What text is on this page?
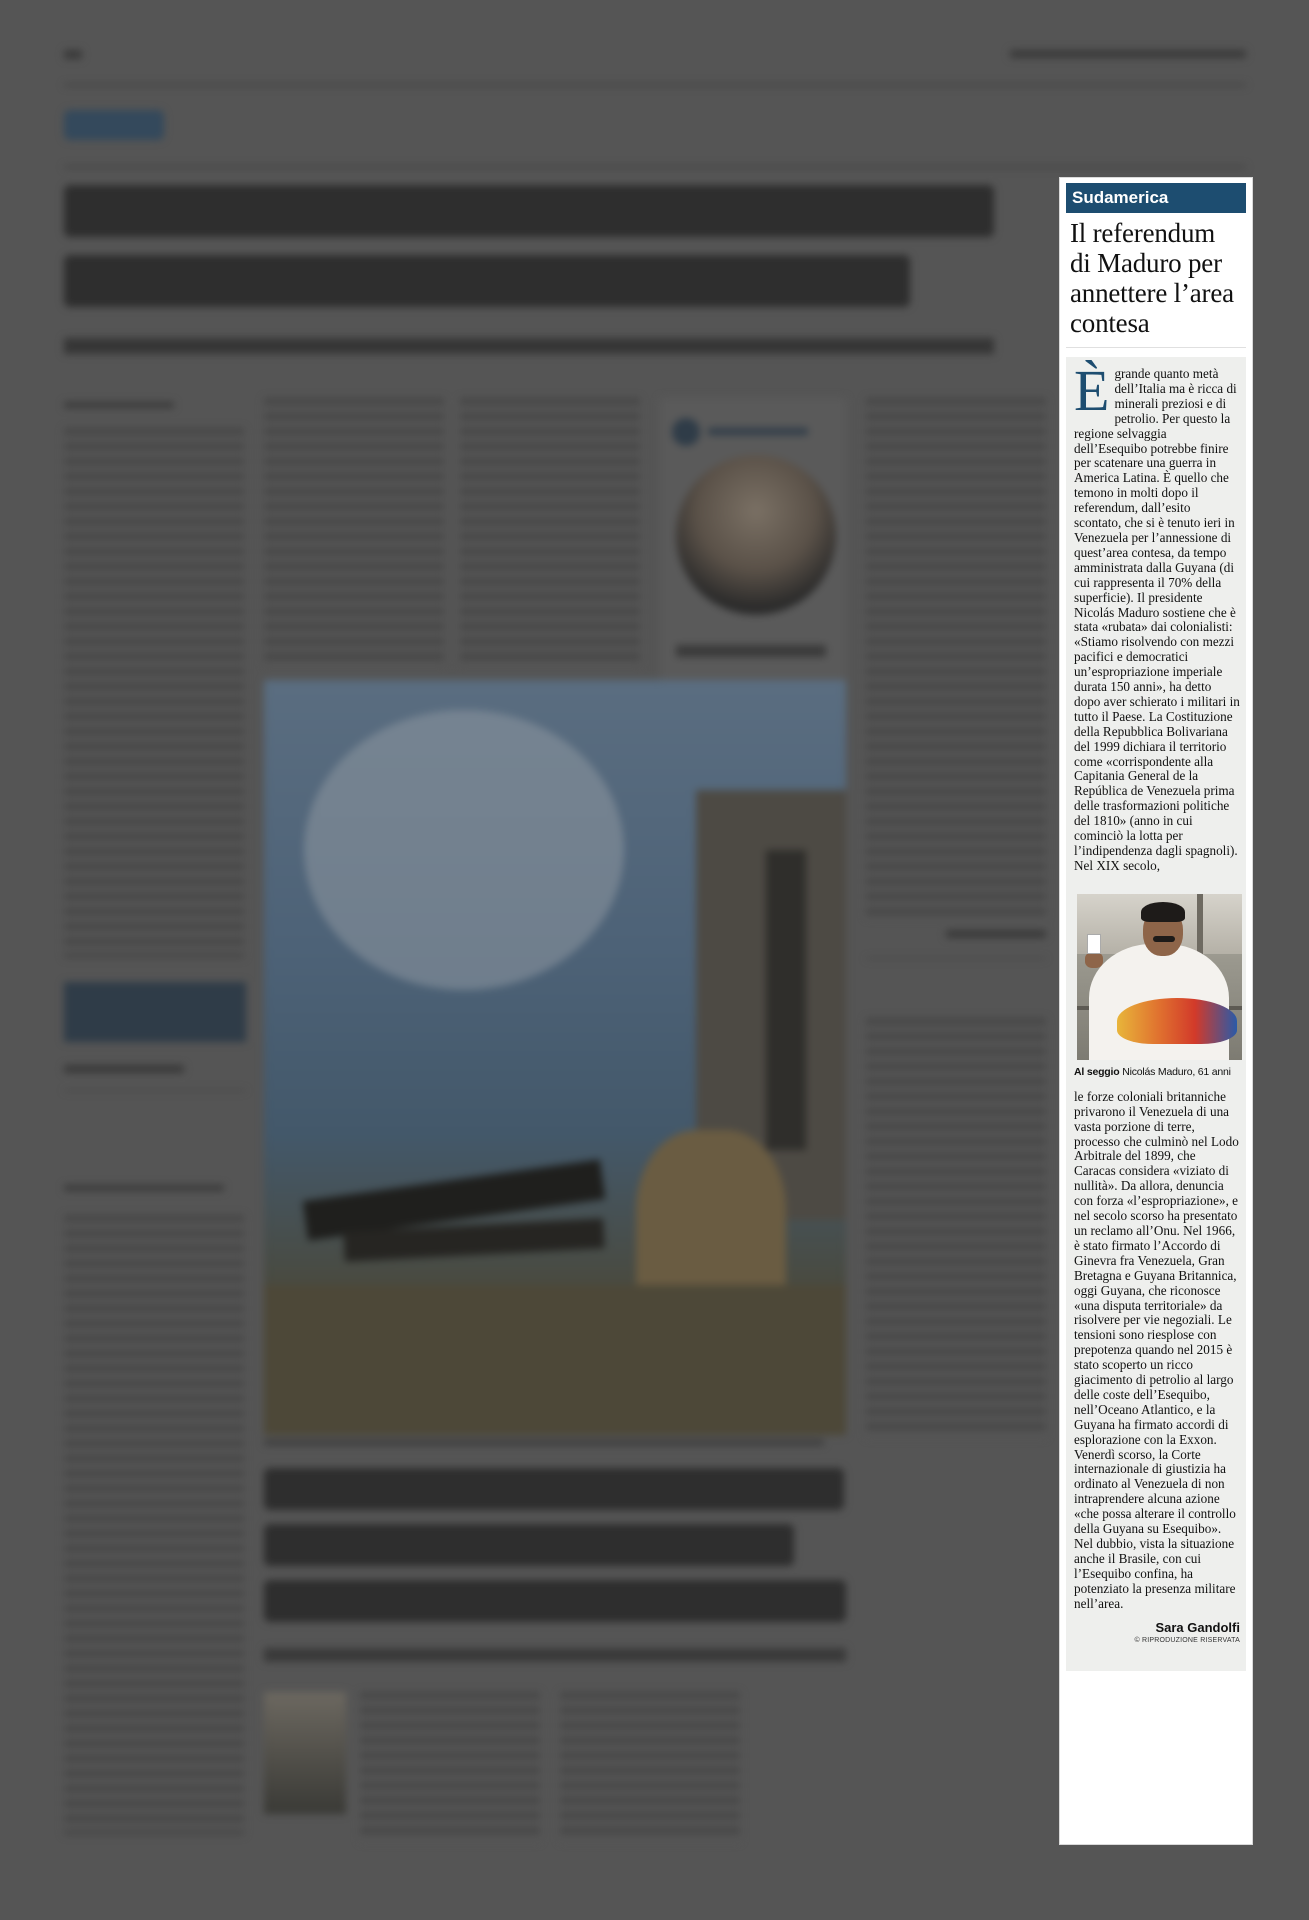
Sudamerica
Il referendum di Maduro per annettere l’area contesa
Ègrande quanto metà dell’Italia ma è ricca di minerali preziosi e di petrolio. Per questo la regione selvaggia dell’Esequibo potrebbe finire per scatenare una guerra in America Latina. È quello che temono in molti dopo il referendum, dall’esito scontato, che si è tenuto ieri in Venezuela per l’annessione di quest’area contesa, da tempo amministrata dalla Guyana (di cui rappresenta il 70% della superficie). Il presidente Nicolás Maduro sostiene che è stata «rubata» dai colonialisti: «Stiamo risolvendo con mezzi pacifici e democratici un’espropriazione imperiale durata 150 anni», ha detto dopo aver schierato i militari in tutto il Paese. La Costituzione della Repubblica Bolivariana del 1999 dichiara il territorio come «corrispondente alla Capitania General de la República de Venezuela prima delle trasformazioni politiche del 1810» (anno in cui cominciò la lotta per l’indipendenza dagli spagnoli). Nel XIX secolo,
Al seggio Nicolás Maduro, 61 anni
le forze coloniali britanniche privarono il Venezuela di una vasta porzione di terre, processo che culminò nel Lodo Arbitrale del 1899, che Caracas considera «viziato di nullità». Da allora, denuncia con forza «l’espropriazione», e nel secolo scorso ha presentato un reclamo all’Onu. Nel 1966, è stato firmato l’Accordo di Ginevra fra Venezuela, Gran Bretagna e Guyana Britannica, oggi Guyana, che riconosce «una disputa territoriale» da risolvere per vie negoziali. Le tensioni sono riesplose con prepotenza quando nel 2015 è stato scoperto un ricco giacimento di petrolio al largo delle coste dell’Esequibo, nell’Oceano Atlantico, e la Guyana ha firmato accordi di esplorazione con la Exxon. Venerdì scorso, la Corte internazionale di giustizia ha ordinato al Venezuela di non intraprendere alcuna azione «che possa alterare il controllo della Guyana su Esequibo». Nel dubbio, vista la situazione anche il Brasile, con cui l’Esequibo confina, ha potenziato la presenza militare nell’area.
Sara Gandolfi
© RIPRODUZIONE RISERVATA
